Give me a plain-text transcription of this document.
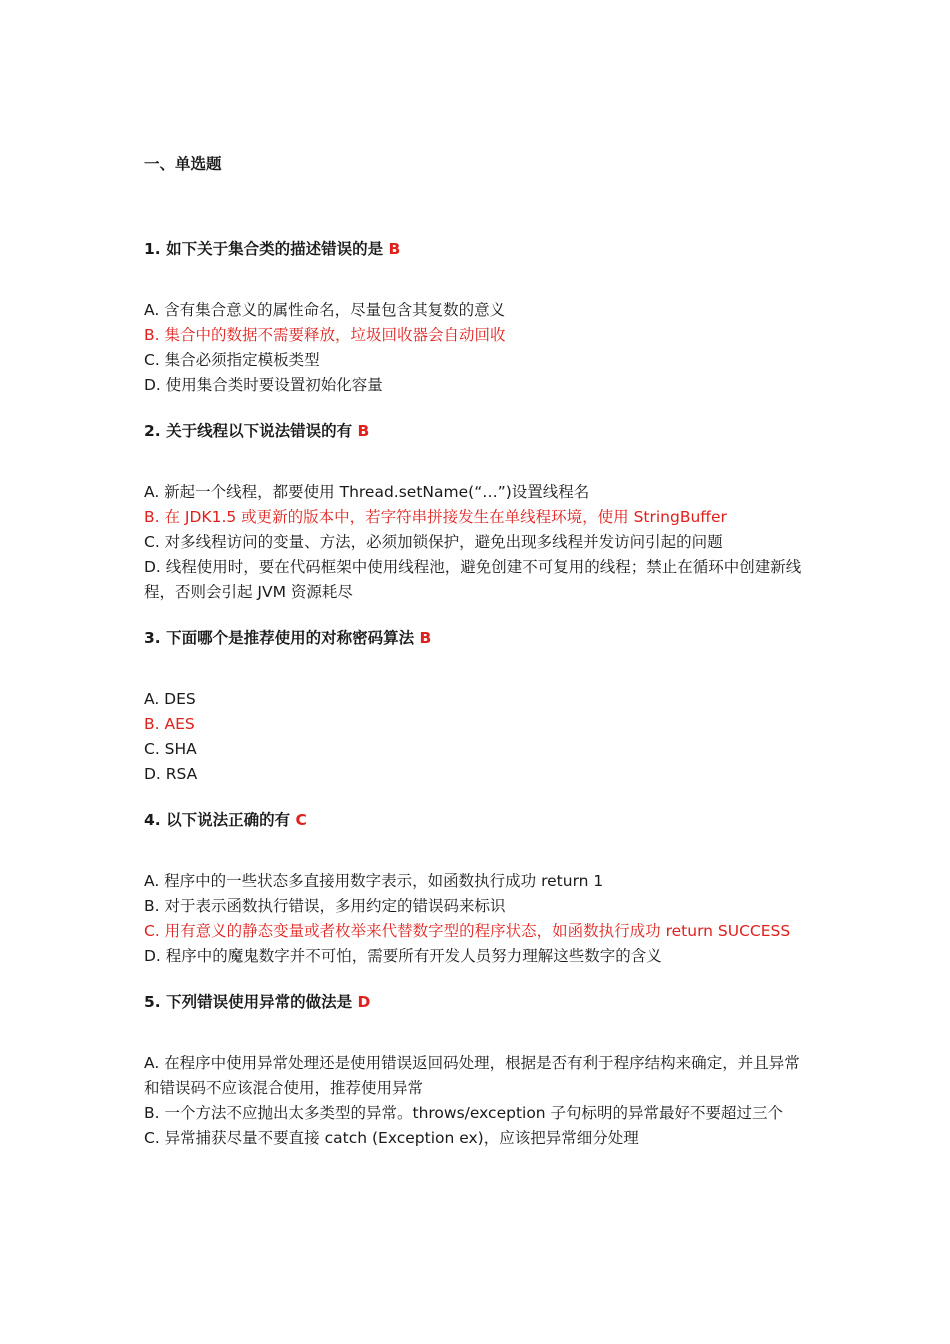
一、单选题
1. 如下关于集合类的描述错误的是 B
A. 含有集合意义的属性命名，尽量包含其复数的意义
B. 集合中的数据不需要释放，垃圾回收器会自动回收
C. 集合必须指定模板类型
D. 使用集合类时要设置初始化容量
2. 关于线程以下说法错误的有 B
A. 新起一个线程，都要使用 Thread.setName(“…”)设置线程名
B. 在 JDK1.5 或更新的版本中，若字符串拼接发生在单线程环境，使用 StringBuffer
C. 对多线程访问的变量、方法，必须加锁保护，避免出现多线程并发访问引起的问题
D. 线程使用时，要在代码框架中使用线程池，避免创建不可复用的线程；禁止在循环中创建新线程，否则会引起 JVM 资源耗尽
3. 下面哪个是推荐使用的对称密码算法 B
A. DES
B. AES
C. SHA
D. RSA
4. 以下说法正确的有 C
A. 程序中的一些状态多直接用数字表示，如函数执行成功 return 1
B. 对于表示函数执行错误，多用约定的错误码来标识
C. 用有意义的静态变量或者枚举来代替数字型的程序状态，如函数执行成功 return SUCCESS
D. 程序中的魔鬼数字并不可怕，需要所有开发人员努力理解这些数字的含义
5. 下列错误使用异常的做法是 D
A. 在程序中使用异常处理还是使用错误返回码处理，根据是否有利于程序结构来确定，并且异常和错误码不应该混合使用，推荐使用异常
B. 一个方法不应抛出太多类型的异常。throws/exception 子句标明的异常最好不要超过三个
C. 异常捕获尽量不要直接 catch (Exception ex)，应该把异常细分处理
